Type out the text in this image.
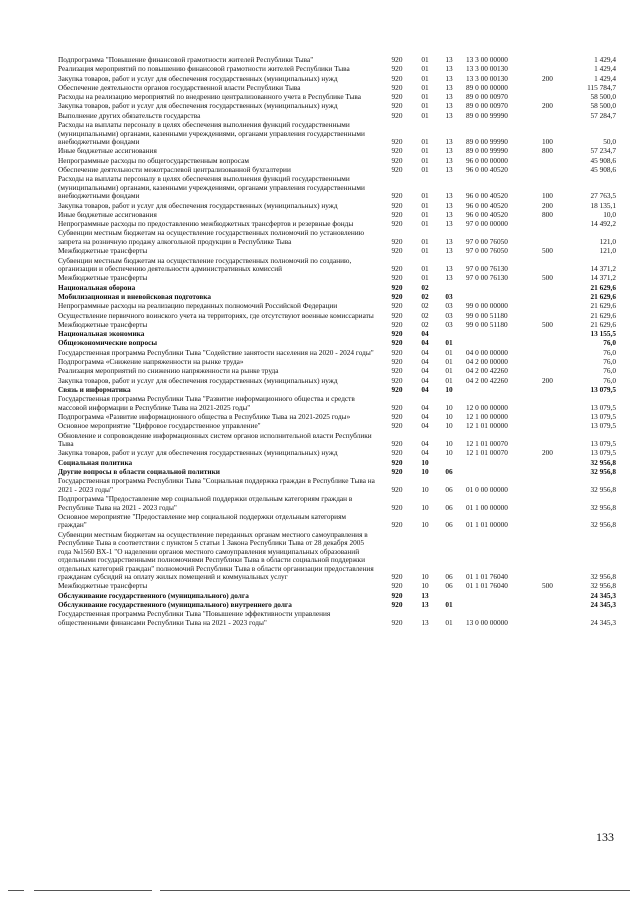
Подпрограмма "Повышение финансовой грамотности жителей Республики Тыва"	920	01	13	13 3 00 00000		1 429,4
Реализация мероприятий по повышению финансовой грамотности жителей Республики Тыва	920	01	13	13 3 00 00130		1 429,4
Закупка товаров, работ и услуг для обеспечения государственных (муниципальных) нужд	920	01	13	13 3 00 00130	200	1 429,4
Обеспечение деятельности органов государственной власти Республики Тыва	920	01	13	89 0 00 00000		115 784,7
Расходы на реализацию мероприятий по внедрению централизованного учета в Республике Тыва	920	01	13	89 0 00 00970		58 500,0
Закупка товаров, работ и услуг для обеспечения государственных (муниципальных) нужд	920	01	13	89 0 00 00970	200	58 500,0
Выполнение других обязательств государства	920	01	13	89 0 00 99990		57 284,7
Расходы на выплаты персоналу в целях обеспечения выполнения функций государственными (муниципальными) органами, казенными учреждениями, органами управления государственными внебюджетными фондами	920	01	13	89 0 00 99990	100	50,0
Иные бюджетные ассигнования	920	01	13	89 0 00 99990	800	57 234,7
Непрограммные расходы по общегосударственным вопросам	920	01	13	96 0 00 00000		45 908,6
Обеспечение деятельности межотраслевой централизованной бухгалтерии	920	01	13	96 0 00 40520		45 908,6
Расходы на выплаты персоналу в целях обеспечения выполнения функций государственными (муниципальными) органами, казенными учреждениями, органами управления государственными внебюджетными фондами	920	01	13	96 0 00 40520	100	27 763,5
Закупка товаров, работ и услуг для обеспечения государственных (муниципальных) нужд	920	01	13	96 0 00 40520	200	18 135,1
Иные бюджетные ассигнования	920	01	13	96 0 00 40520	800	10,0
Непрограммные расходы по предоставлению межбюджетных трансфертов и резервные фонды	920	01	13	97 0 00 00000		14 492,2
Субвенции местным бюджетам на осуществление государственных полномочий по установлению запрета на розничную продажу алкогольной продукции в Республике Тыва	920	01	13	97 0 00 76050		121,0
Межбюджетные трансферты	920	01	13	97 0 00 76050	500	121,0
Субвенции местным бюджетам на осуществление государственных полномочий по созданию, организации и обеспечению деятельности административных комиссий	920	01	13	97 0 00 76130		14 371,2
Межбюджетные трансферты	920	01	13	97 0 00 76130	500	14 371,2
Национальная оборона	920	02				21 629,6
Мобилизационная и вневойсковая подготовка	920	02	03			21 629,6
Непрограммные расходы на реализацию переданных полномочий Российской Федерации	920	02	03	99 0 00 00000		21 629,6
Осуществление первичного воинского учета на территориях, где отсутствуют военные комиссариаты	920	02	03	99 0 00 51180		21 629,6
Межбюджетные трансферты	920	02	03	99 0 00 51180	500	21 629,6
Национальная экономика	920	04				13 155,5
Общеэкономические вопросы	920	04	01			76,0
Государственная программа Республики Тыва "Содействие занятости населения на 2020 - 2024 годы"	920	04	01	04 0 00 00000		76,0
Подпрограмма «Снижение напряженности на рынке труда»	920	04	01	04 2 00 00000		76,0
Реализация мероприятий по снижению напряженности на рынке труда	920	04	01	04 2 00 42260		76,0
Закупка товаров, работ и услуг для обеспечения государственных (муниципальных) нужд	920	04	01	04 2 00 42260	200	76,0
Связь и информатика	920	04	10			13 079,5
Государственная программа Республики Тыва "Развитие информационного общества и средств массовой информации в Республике Тыва на 2021-2025 годы"	920	04	10	12 0 00 00000		13 079,5
Подпрограмма «Развитие информационного общества в Республике Тыва на 2021-2025 годы»	920	04	10	12 1 00 00000		13 079,5
Основное мероприятие "Цифровое государственное управление"	920	04	10	12 1 01 00000		13 079,5
Обновление и сопровождение информационных систем органов исполнительной власти Республики Тыва	920	04	10	12 1 01 00070		13 079,5
Закупка товаров, работ и услуг для обеспечения государственных (муниципальных) нужд	920	04	10	12 1 01 00070	200	13 079,5
Социальная политика	920	10				32 956,8
Другие вопросы в области социальной политики	920	10	06			32 956,8
Государственная программа Республики Тыва "Социальная поддержка граждан в Республике Тыва на 2021 - 2023 годы"	920	10	06	01 0 00 00000		32 956,8
Подпрограмма "Предоставление мер социальной поддержки отдельным категориям граждан в Республике Тыва на 2021 - 2023 годы"	920	10	06	01 1 00 00000		32 956,8
Основное мероприятие "Предоставление мер социальной поддержки отдельным категориям граждан"	920	10	06	01 1 01 00000		32 956,8
Субвенции местным бюджетам на осуществление переданных органам местного самоуправления в Республике Тыва в соответствии с пунктом 5 статьи 1 Закона Республики Тыва от 28 декабря 2005 года №1560 ВХ-1 "О наделении органов местного самоуправления муниципальных образований отдельными государственными полномочиями Республики Тыва в области социальной поддержки отдельных категорий граждан" полномочий Республики Тыва в области организации предоставления гражданам субсидий на оплату жилых помещений и коммунальных услуг	920	10	06	01 1 01 76040		32 956,8
Межбюджетные трансферты	920	10	06	01 1 01 76040	500	32 956,8
Обслуживание государственного (муниципального) долга	920	13				24 345,3
Обслуживание государственного (муниципального) внутреннего долга	920	13	01			24 345,3
Государственная программа Республики Тыва "Повышение эффективности управления общественными финансами Республики Тыва на 2021 - 2023 годы"	920	13	01	13 0 00 00000		24 345,3
133
